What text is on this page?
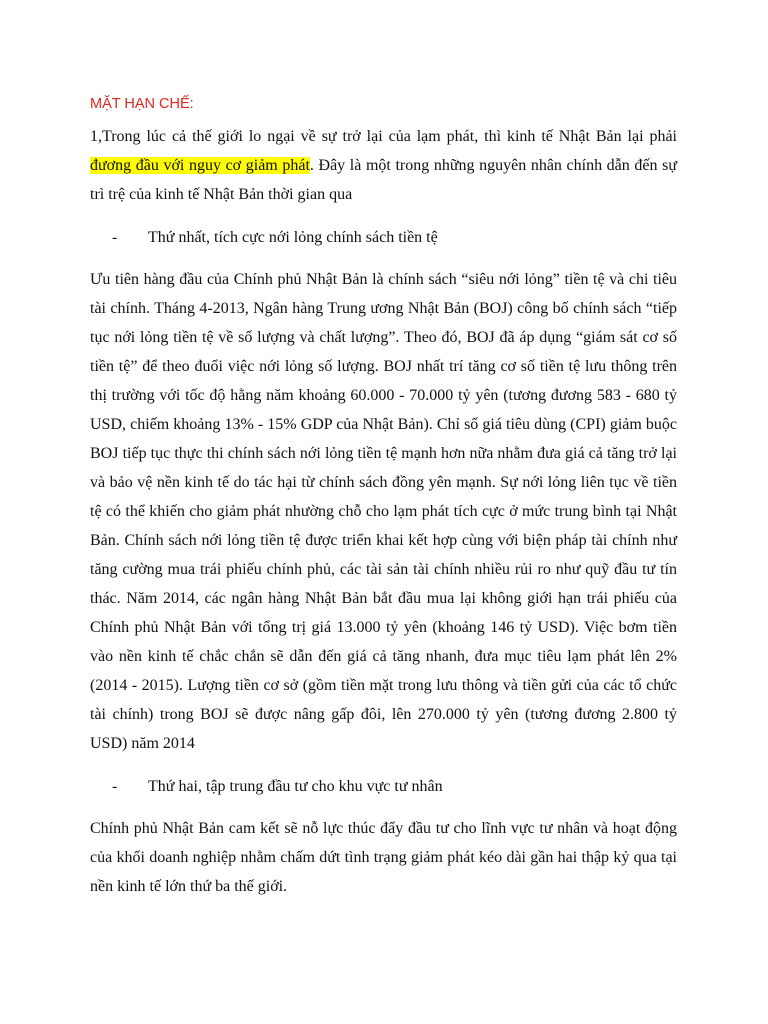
MẶT HẠN CHẾ:

1,Trong lúc cả thế giới lo ngại về sự trở lại của lạm phát, thì kinh tế Nhật Bản lại phải đương đầu với nguy cơ giảm phát. Đây là một trong những nguyên nhân chính dẫn đến sự trì trệ của kinh tế Nhật Bản thời gian qua

-	Thứ nhất, tích cực nới lỏng chính sách tiền tệ

Ưu tiên hàng đầu của Chính phủ Nhật Bản là chính sách “siêu nới lỏng” tiền tệ và chi tiêu tài chính. Tháng 4-2013, Ngân hàng Trung ương Nhật Bản (BOJ) công bố chính sách “tiếp tục nới lỏng tiền tệ về số lượng và chất lượng”. Theo đó, BOJ đã áp dụng “giám sát cơ số tiền tệ” để theo đuổi việc nới lỏng số lượng. BOJ nhất trí tăng cơ số tiền tệ lưu thông trên thị trường với tốc độ hằng năm khoảng 60.000 - 70.000 tỷ yên (tương đương 583 - 680 tỷ USD, chiếm khoảng 13% - 15% GDP của Nhật Bản). Chỉ số giá tiêu dùng (CPI) giảm buộc BOJ tiếp tục thực thi chính sách nới lỏng tiền tệ mạnh hơn nữa nhằm đưa giá cả tăng trở lại và bảo vệ nền kinh tế do tác hại từ chính sách đồng yên mạnh. Sự nới lỏng liên tục về tiền tệ có thể khiến cho giảm phát nhường chỗ cho lạm phát tích cực ở mức trung bình tại Nhật Bản. Chính sách nới lỏng tiền tệ được triển khai kết hợp cùng với biện pháp tài chính như tăng cường mua trái phiếu chính phủ, các tài sản tài chính nhiều rủi ro như quỹ đầu tư tín thác. Năm 2014, các ngân hàng Nhật Bản bắt đầu mua lại không giới hạn trái phiếu của Chính phủ Nhật Bản với tổng trị giá 13.000 tỷ yên (khoảng 146 tỷ USD). Việc bơm tiền vào nền kinh tế chắc chắn sẽ dẫn đến giá cả tăng nhanh, đưa mục tiêu lạm phát lên 2% (2014 - 2015). Lượng tiền cơ sở (gồm tiền mặt trong lưu thông và tiền gửi của các tổ chức tài chính) trong BOJ sẽ được nâng gấp đôi, lên 270.000 tỷ yên (tương đương 2.800 tỷ USD) năm 2014

-	Thứ hai, tập trung đầu tư cho khu vực tư nhân

Chính phủ Nhật Bản cam kết sẽ nỗ lực thúc đẩy đầu tư cho lĩnh vực tư nhân và hoạt động của khối doanh nghiệp nhằm chấm dứt tình trạng giảm phát kéo dài gần hai thập kỷ qua tại nền kinh tế lớn thứ ba thế giới.
